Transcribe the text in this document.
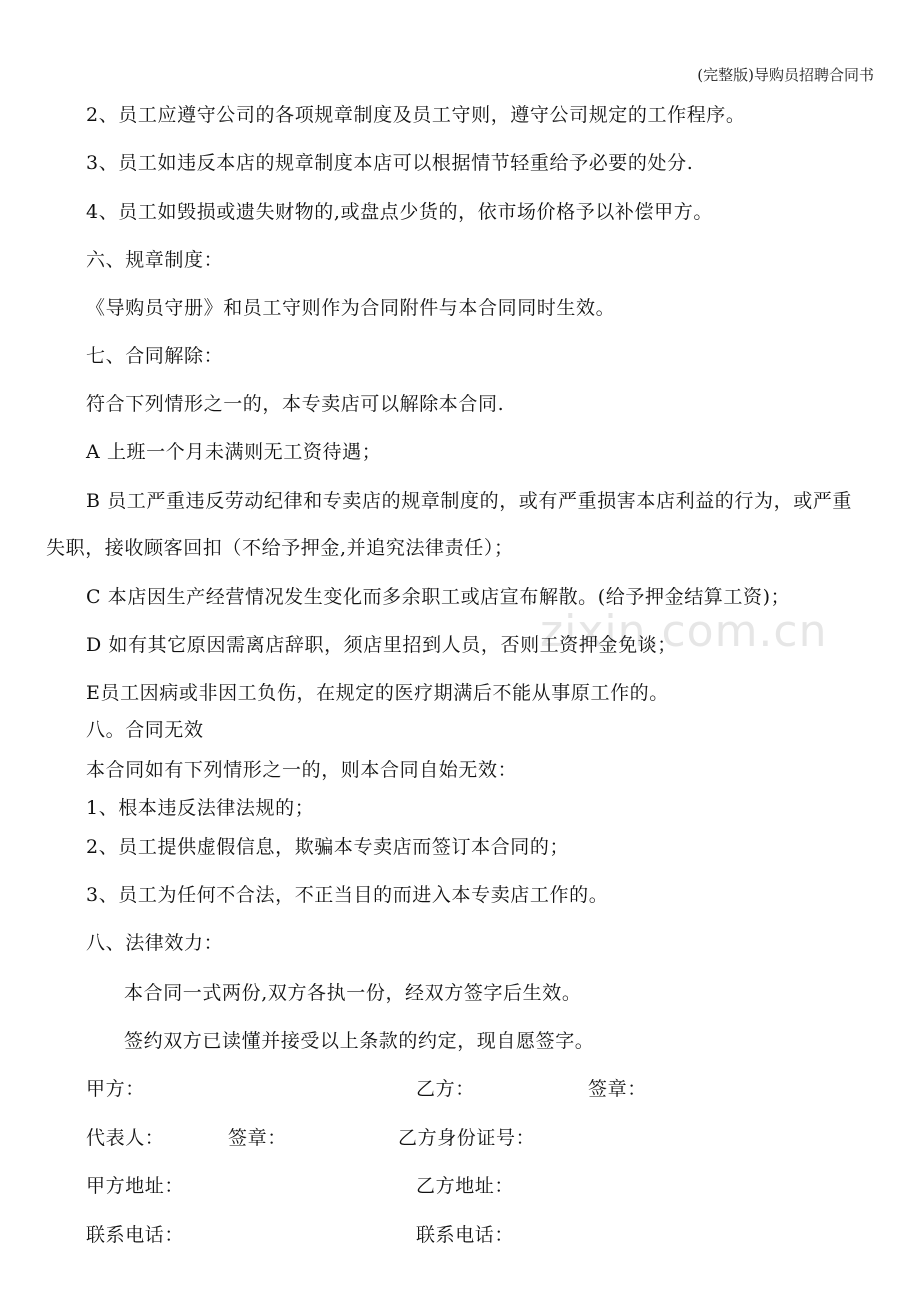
(完整版)导购员招聘合同书
zixin.com.cn
2、员工应遵守公司的各项规章制度及员工守则，遵守公司规定的工作程序。
3、员工如违反本店的规章制度本店可以根据情节轻重给予必要的处分.
4、员工如毁损或遗失财物的,或盘点少货的，依市场价格予以补偿甲方。
六、规章制度：
《导购员守册》和员工守则作为合同附件与本合同同时生效。
七、合同解除：
符合下列情形之一的，本专卖店可以解除本合同.
A 上班一个月未满则无工资待遇；
B 员工严重违反劳动纪律和专卖店的规章制度的，或有严重损害本店利益的行为，或严重
失职，接收顾客回扣（不给予押金,并追究法律责任）；
C 本店因生产经营情况发生变化而多余职工或店宣布解散。(给予押金结算工资)；
D 如有其它原因需离店辞职，须店里招到人员，否则工资押金免谈；
E员工因病或非因工负伤，在规定的医疗期满后不能从事原工作的。
八。合同无效
本合同如有下列情形之一的，则本合同自始无效：
1、根本违反法律法规的；
2、员工提供虚假信息，欺骗本专卖店而签订本合同的；
3、员工为任何不合法，不正当目的而进入本专卖店工作的。
八、法律效力：
本合同一式两份,双方各执一份，经双方签字后生效。
签约双方已读懂并接受以上条款的约定，现自愿签字。
甲方：	乙方：	签章：
代表人：	签章：	乙方身份证号：
甲方地址：	乙方地址：
联系电话：	联系电话：
